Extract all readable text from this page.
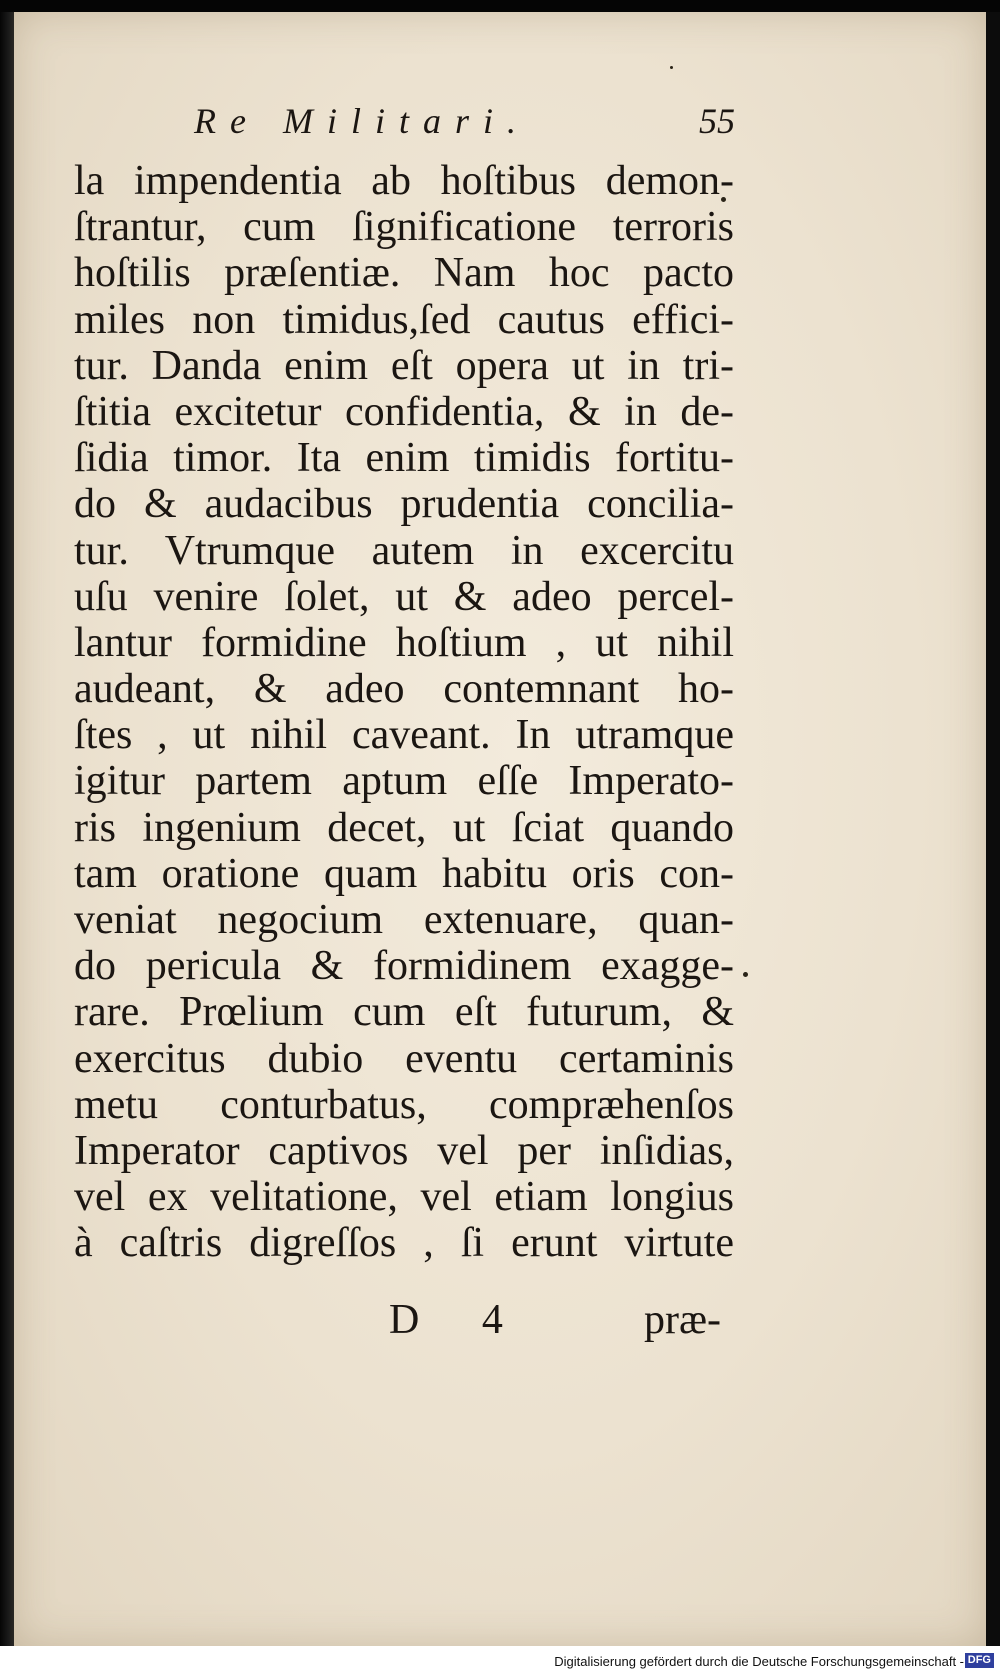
Re Militari.	55
la impendentia ab hoſtibus demon-
ſtrantur, cum ſignificatione terroris
hoſtilis præſentiæ. Nam hoc pacto
miles non timidus,ſed cautus effici-
tur. Danda enim eſt opera ut in tri-
ſtitia excitetur confidentia, & in de-
ſidia timor. Ita enim timidis fortitu-
do & audacibus prudentia concilia-
tur. Vtrumque autem in excercitu
uſu venire ſolet, ut & adeo percel-
lantur formidine hoſtium , ut nihil
audeant, & adeo contemnant ho-
ſtes , ut nihil caveant. In utramque
igitur partem aptum eſſe Imperato-
ris ingenium decet, ut ſciat quando
tam oratione quam habitu oris con-
veniat negocium extenuare, quan-
do pericula & formidinem exagge-
rare. Prœlium cum eſt futurum, &
exercitus dubio eventu certaminis
metu conturbatus, compræhenſos
Imperator captivos vel per inſidias,
vel ex velitatione, vel etiam longius
à caſtris digreſſos , ſi erunt virtute
D 4	præ-
Digitalisierung gefördert durch die Deutsche Forschungsgemeinschaft - DFG
